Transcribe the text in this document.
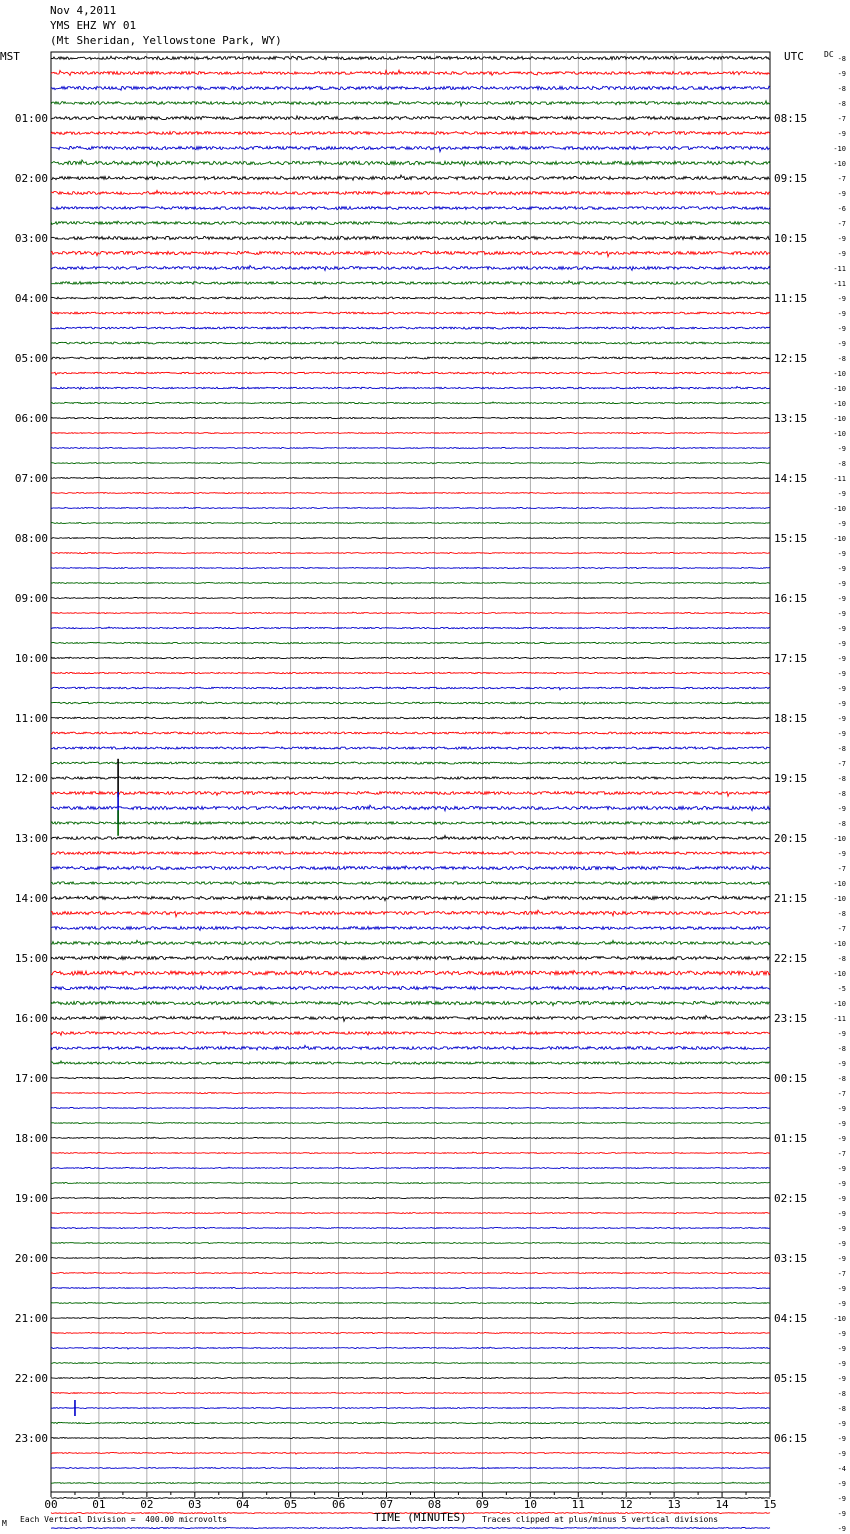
00	01	02	03	04	05	06	07	08	09	10	11	12	13	14	15
-8
-9
-8
-8
-7
-9
-10
-10
-7
-9
-6
-7
-9
-9
-11
-11
-9
-9
-9
-9
-8
-10
-10
-10
-10
-10
-9
-8
-11
-9
-10
-9
-10
-9
-9
-9
-9
-9
-9
-9
-9
-9
-9
-9
-9
-9
-8
-7
-8
-8
-9
-8
-10
-9
-7
-10
-10
-8
-7
-10
-8
-10
-5
-10
-11
-9
-8
-9
-8
-7
-9
-9
-9
-7
-9
-9
-9
-9
-9
-9
-9
-7
-9
-9
-10
-9
-9
-9
-9
-8
-8
-9
-9
-9
-4
-9
-9
-9
-9
01:00
02:00
03:00
04:00
05:00
06:00
07:00
08:00
09:00
10:00
11:00
12:00
13:00
14:00
15:00
16:00
17:00
18:00
19:00
20:00
21:00
22:00
23:00
08:15
09:15
10:15
11:15
12:15
13:15
14:15
15:15
16:15
17:15
18:15
19:15
20:15
21:15
22:15
23:15
00:15
01:15
02:15
03:15
04:15
05:15
06:15
Nov 4,2011
YMS EHZ WY 01
(Mt Sheridan, Yellowstone Park, WY)
MST	UTC	DC
M Each Vertical Division =  400.00 microvolts	TIME (MINUTES) Traces clipped at plus/minus 5 vertical divisions
